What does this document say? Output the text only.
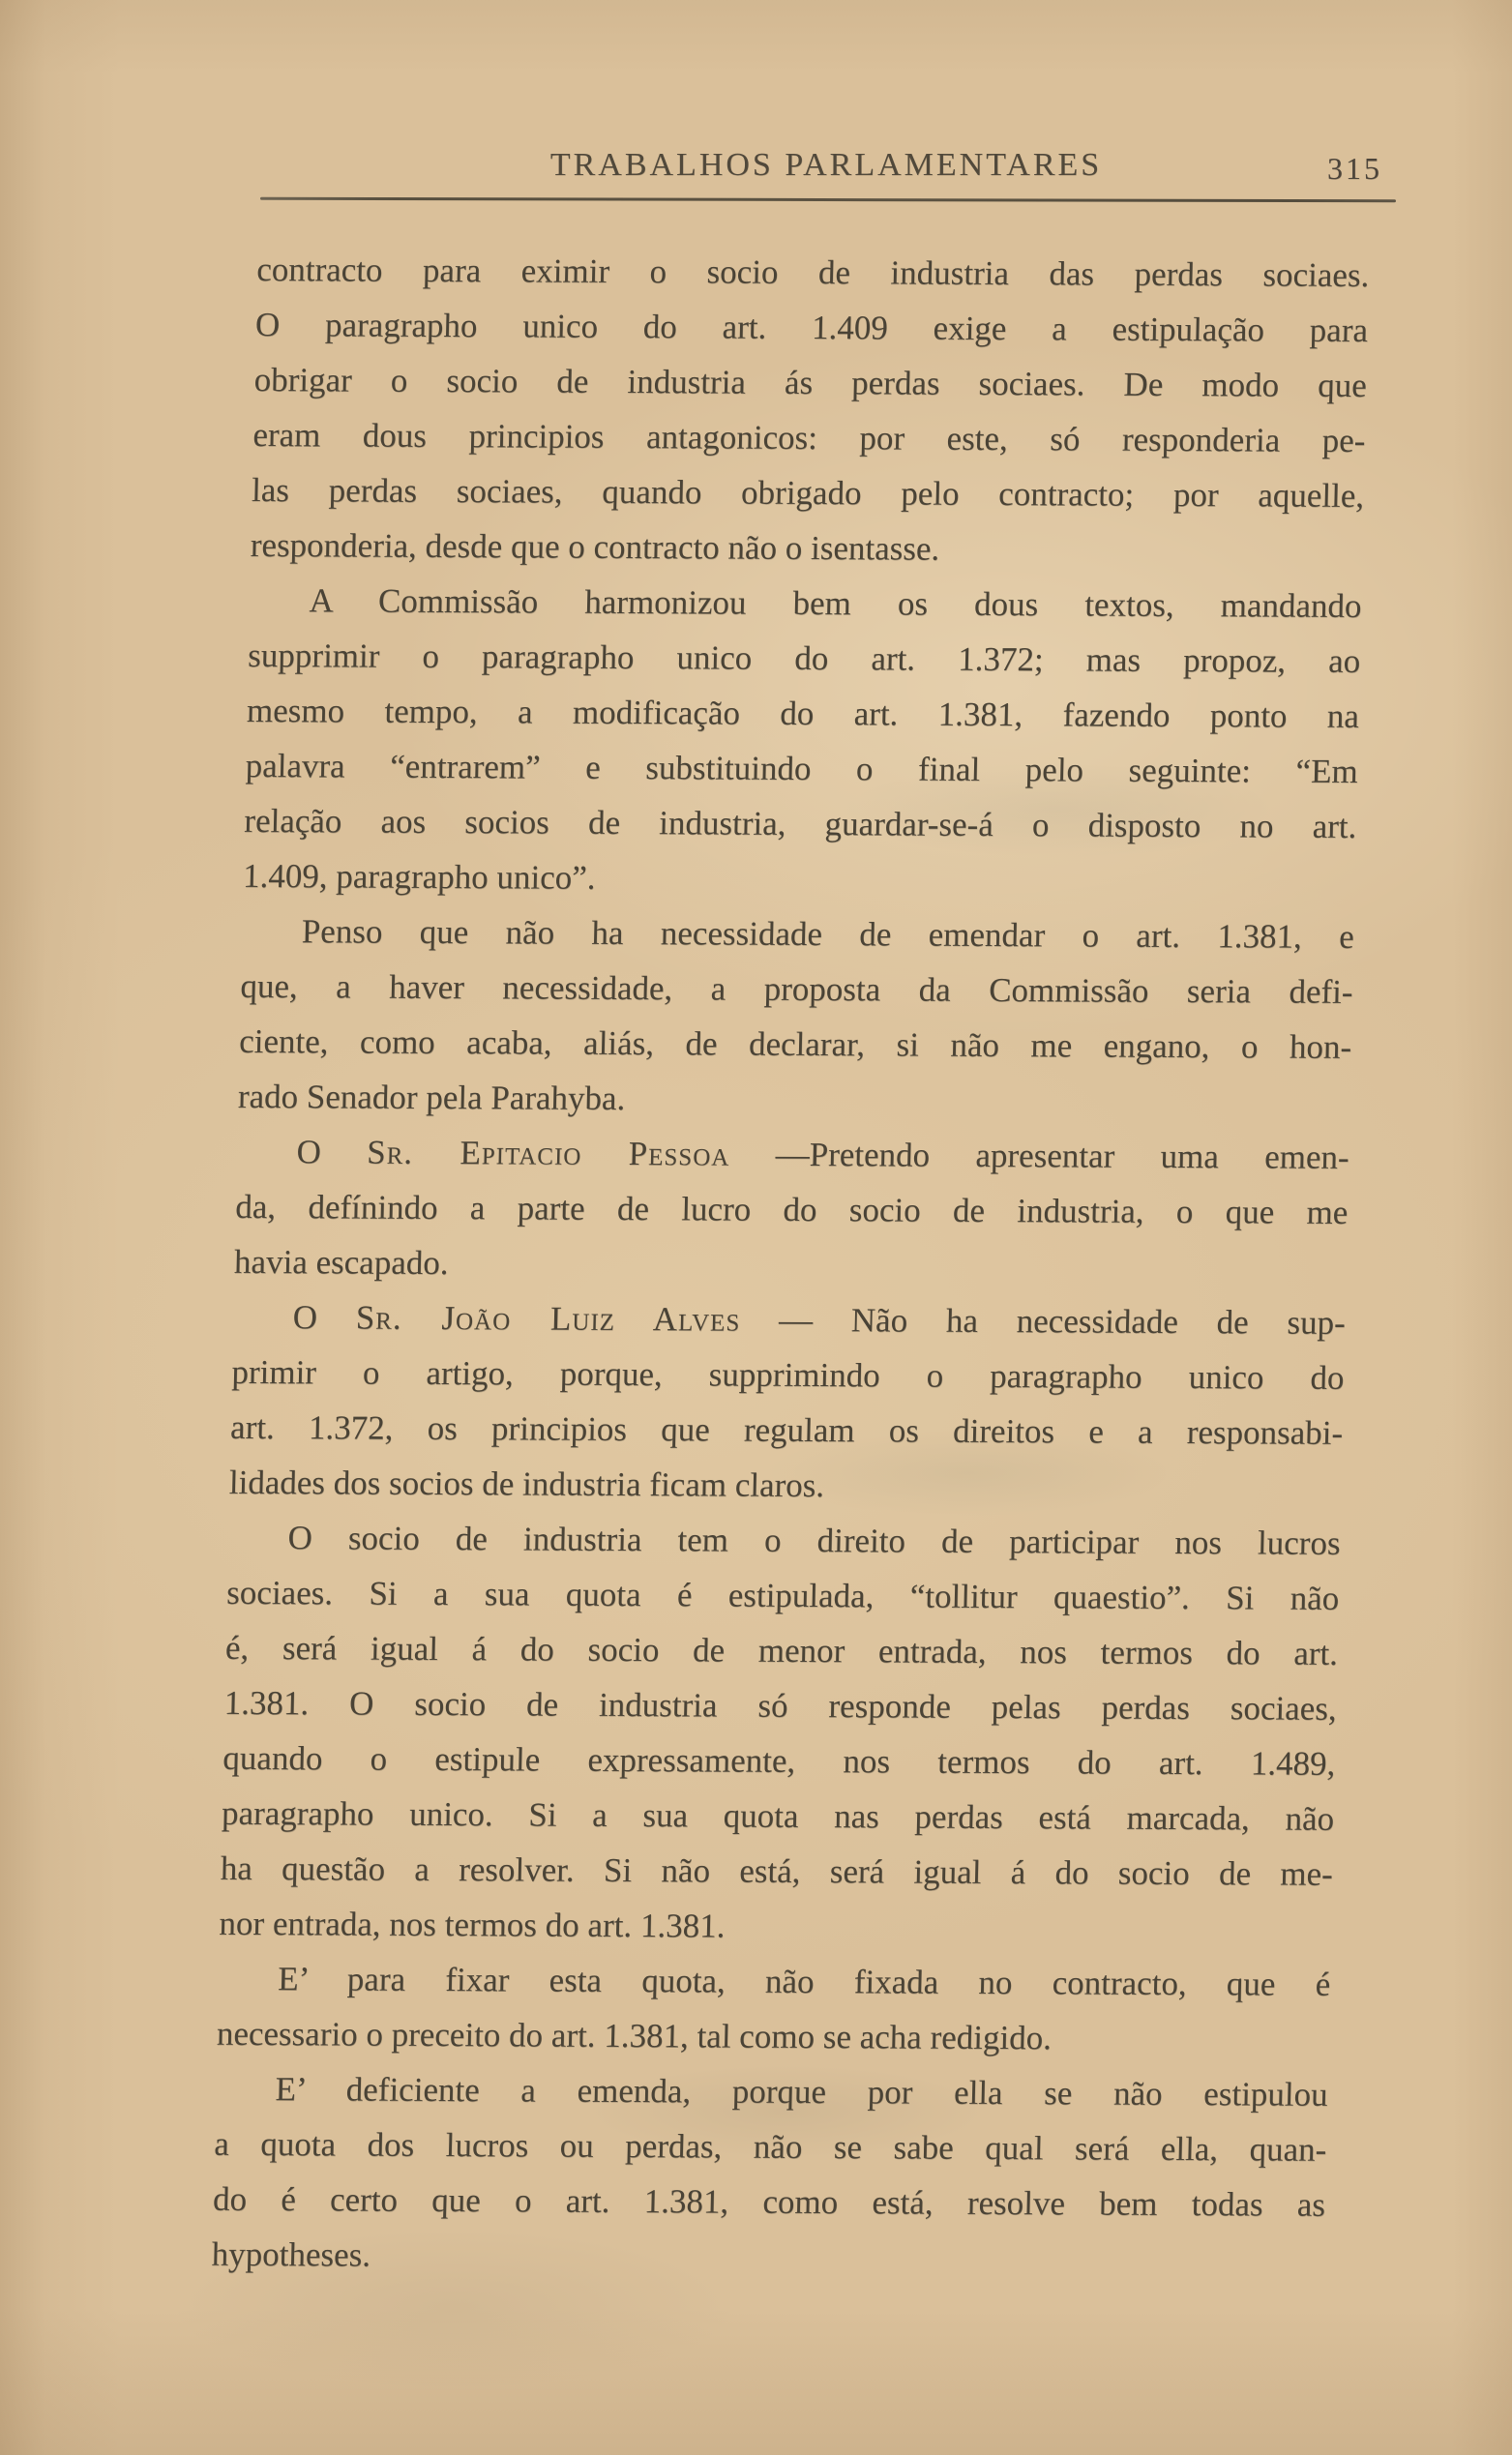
TRABALHOS PARLAMENTARES	315
contracto para eximir o socio de industria das perdas sociaes.
O paragrapho unico do art. 1.409 exige a estipulação para
obrigar o socio de industria ás perdas sociaes. De modo que
eram dous principios antagonicos: por este, só responderia pe-
las perdas sociaes, quando obrigado pelo contracto; por aquelle,
responderia, desde que o contracto não o isentasse.
A Commissão harmonizou bem os dous textos, mandando
supprimir o paragrapho unico do art. 1.372; mas propoz, ao
mesmo tempo, a modificação do art. 1.381, fazendo ponto na
palavra “entrarem” e substituindo o final pelo seguinte: “Em
relação aos socios de industria, guardar-se-á o disposto no art.
1.409, paragrapho unico”.
Penso que não ha necessidade de emendar o art. 1.381, e
que, a haver necessidade, a proposta da Commissão seria defi-
ciente, como acaba, aliás, de declarar, si não me engano, o hon-
rado Senador pela Parahyba.
O Sr. Epitacio Pessoa —Pretendo apresentar uma emen-
da, defínindo a parte de lucro do socio de industria, o que me
havia escapado.
O Sr. João Luiz Alves — Não ha necessidade de sup-
primir o artigo, porque, supprimindo o paragrapho unico do
art. 1.372, os principios que regulam os direitos e a responsabi-
lidades dos socios de industria ficam claros.
O socio de industria tem o direito de participar nos lucros
sociaes. Si a sua quota é estipulada, “tollitur quaestio”. Si não
é, será igual á do socio de menor entrada, nos termos do art.
1.381. O socio de industria só responde pelas perdas sociaes,
quando o estipule expressamente, nos termos do art. 1.489,
paragrapho unico. Si a sua quota nas perdas está marcada, não
ha questão a resolver. Si não está, será igual á do socio de me-
nor entrada, nos termos do art. 1.381.
E’ para fixar esta quota, não fixada no contracto, que é
necessario o preceito do art. 1.381, tal como se acha redigido.
E’ deficiente a emenda, porque por ella se não estipulou
a quota dos lucros ou perdas, não se sabe qual será ella, quan-
do é certo que o art. 1.381, como está, resolve bem todas as
hypotheses.
